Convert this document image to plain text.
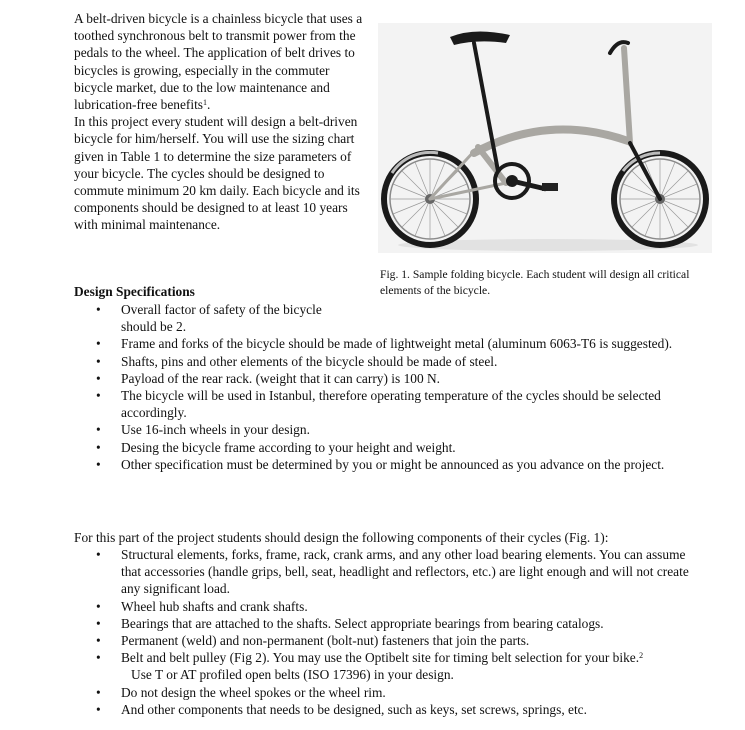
A belt-driven bicycle is a chainless bicycle that uses a toothed synchronous belt to transmit power from the pedals to the wheel. The application of belt drives to bicycles is growing, especially in the commuter bicycle market, due to the low maintenance and lubrication-free benefits$^1$.

In this project every student will design a belt-driven bicycle for him/herself. You will use the sizing chart given in Table 1 to determine the size parameters of your bicycle. The cycles should be designed to commute minimum 20 km daily. Each bicycle and its components should be designed to at least 10 years with minimal maintenance.

Fig. 1. Sample folding bicycle. Each student will design all critical elements of the bicycle.

Design Specifications

• Overall factor of safety of the bicycle should be 2.
• Frame and forks of the bicycle should be made of lightweight metal (aluminum 6063-T6 is suggested).
• Shafts, pins and other elements of the bicycle should be made of steel.
• Payload of the rear rack. (weight that it can carry) is 100 N.
• The bicycle will be used in Istanbul, therefore operating temperature of the cycles should be selected accordingly.
• Use 16-inch wheels in your design.
• Desing the bicycle frame according to your height and weight.
• Other specification must be determined by you or might be announced as you advance on the project.

For this part of the project students should design the following components of their cycles (Fig. 1):

• Structural elements, forks, frame, rack, crank arms, and any other load bearing elements. You can assume that accessories (handle grips, bell, seat, headlight and reflectors, etc.) are light enough and will not create any significant load.
• Wheel hub shafts and crank shafts.
• Bearings that are attached to the shafts. Select appropriate bearings from bearing catalogs.
• Permanent (weld) and non-permanent (bolt-nut) fasteners that join the parts.
• Belt and belt pulley (Fig 2). You may use the Optibelt site for timing belt selection for your bike.$^2$   Use T or AT profiled open belts (ISO 17396) in your design.
• Do not design the wheel spokes or the wheel rim.
• And other components that needs to be designed, such as keys, set screws, springs, etc.
